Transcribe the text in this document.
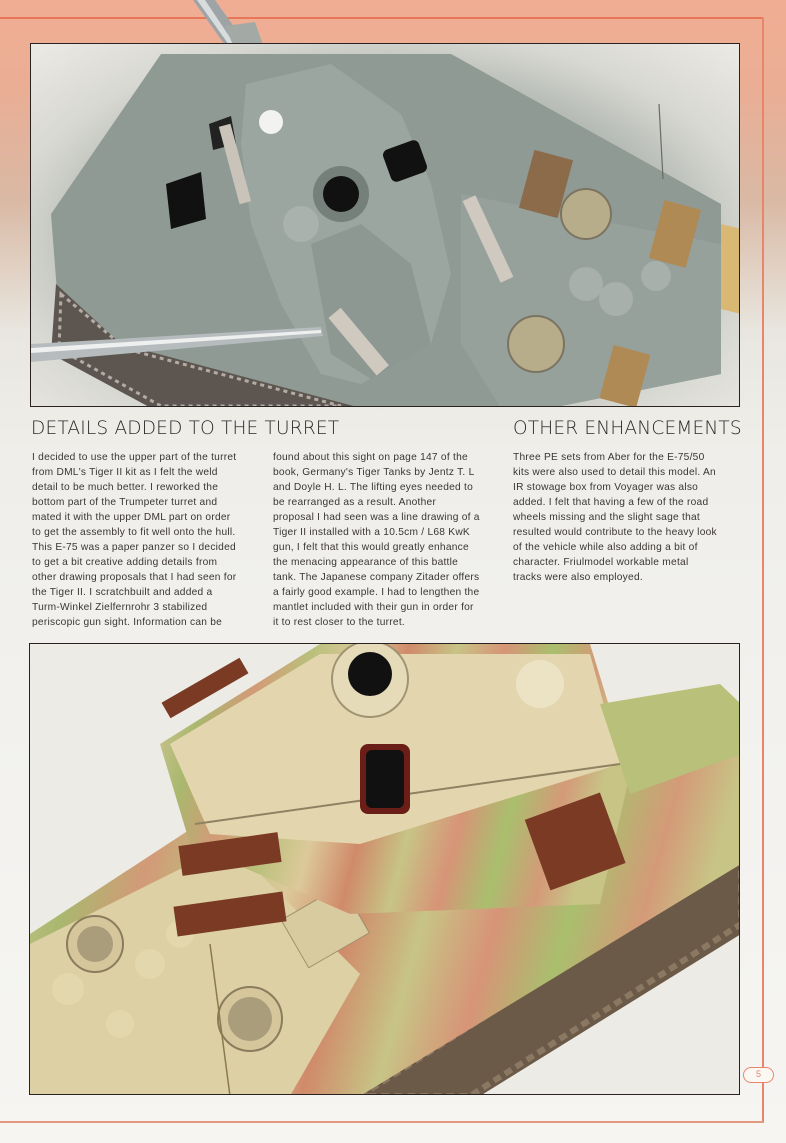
DETAILS ADDED TO THE TURRET	OTHER ENHANCEMENTS

I decided to use the upper part of the turret

from DML's Tiger II kit as I felt the weld

detail to be much better. I reworked the

bottom part of the Trumpeter turret and

mated it with the upper DML part on order

to get the assembly to fit well onto the hull.

This E-75 was a paper panzer so I decided

to get a bit creative adding details from

other drawing proposals that I had seen for

the Tiger II. I scratchbuilt and added a

Turm-Winkel Zielfernrohr 3 stabilized

periscopic gun sight. Information can be

found about this sight on page 147 of the

book, Germany's Tiger Tanks by Jentz T. L

and Doyle H. L. The lifting eyes needed to

be rearranged as a result. Another

proposal I had seen was a line drawing of a

Tiger II installed with a 10.5cm / L68 KwK

gun, I felt that this would greatly enhance

the menacing appearance of this battle

tank. The Japanese company Zitader offers

a fairly good example. I had to lengthen the

mantlet included with their gun in order for

it to rest closer to the turret.

Three PE sets from Aber for the E-75/50

kits were also used to detail this model. An

IR stowage box from Voyager was also

added. I felt that having a few of the road

wheels missing and the slight sage that

resulted would contribute to the heavy look

of the vehicle while also adding a bit of

character. Friulmodel workable metal

tracks were also employed.

5
